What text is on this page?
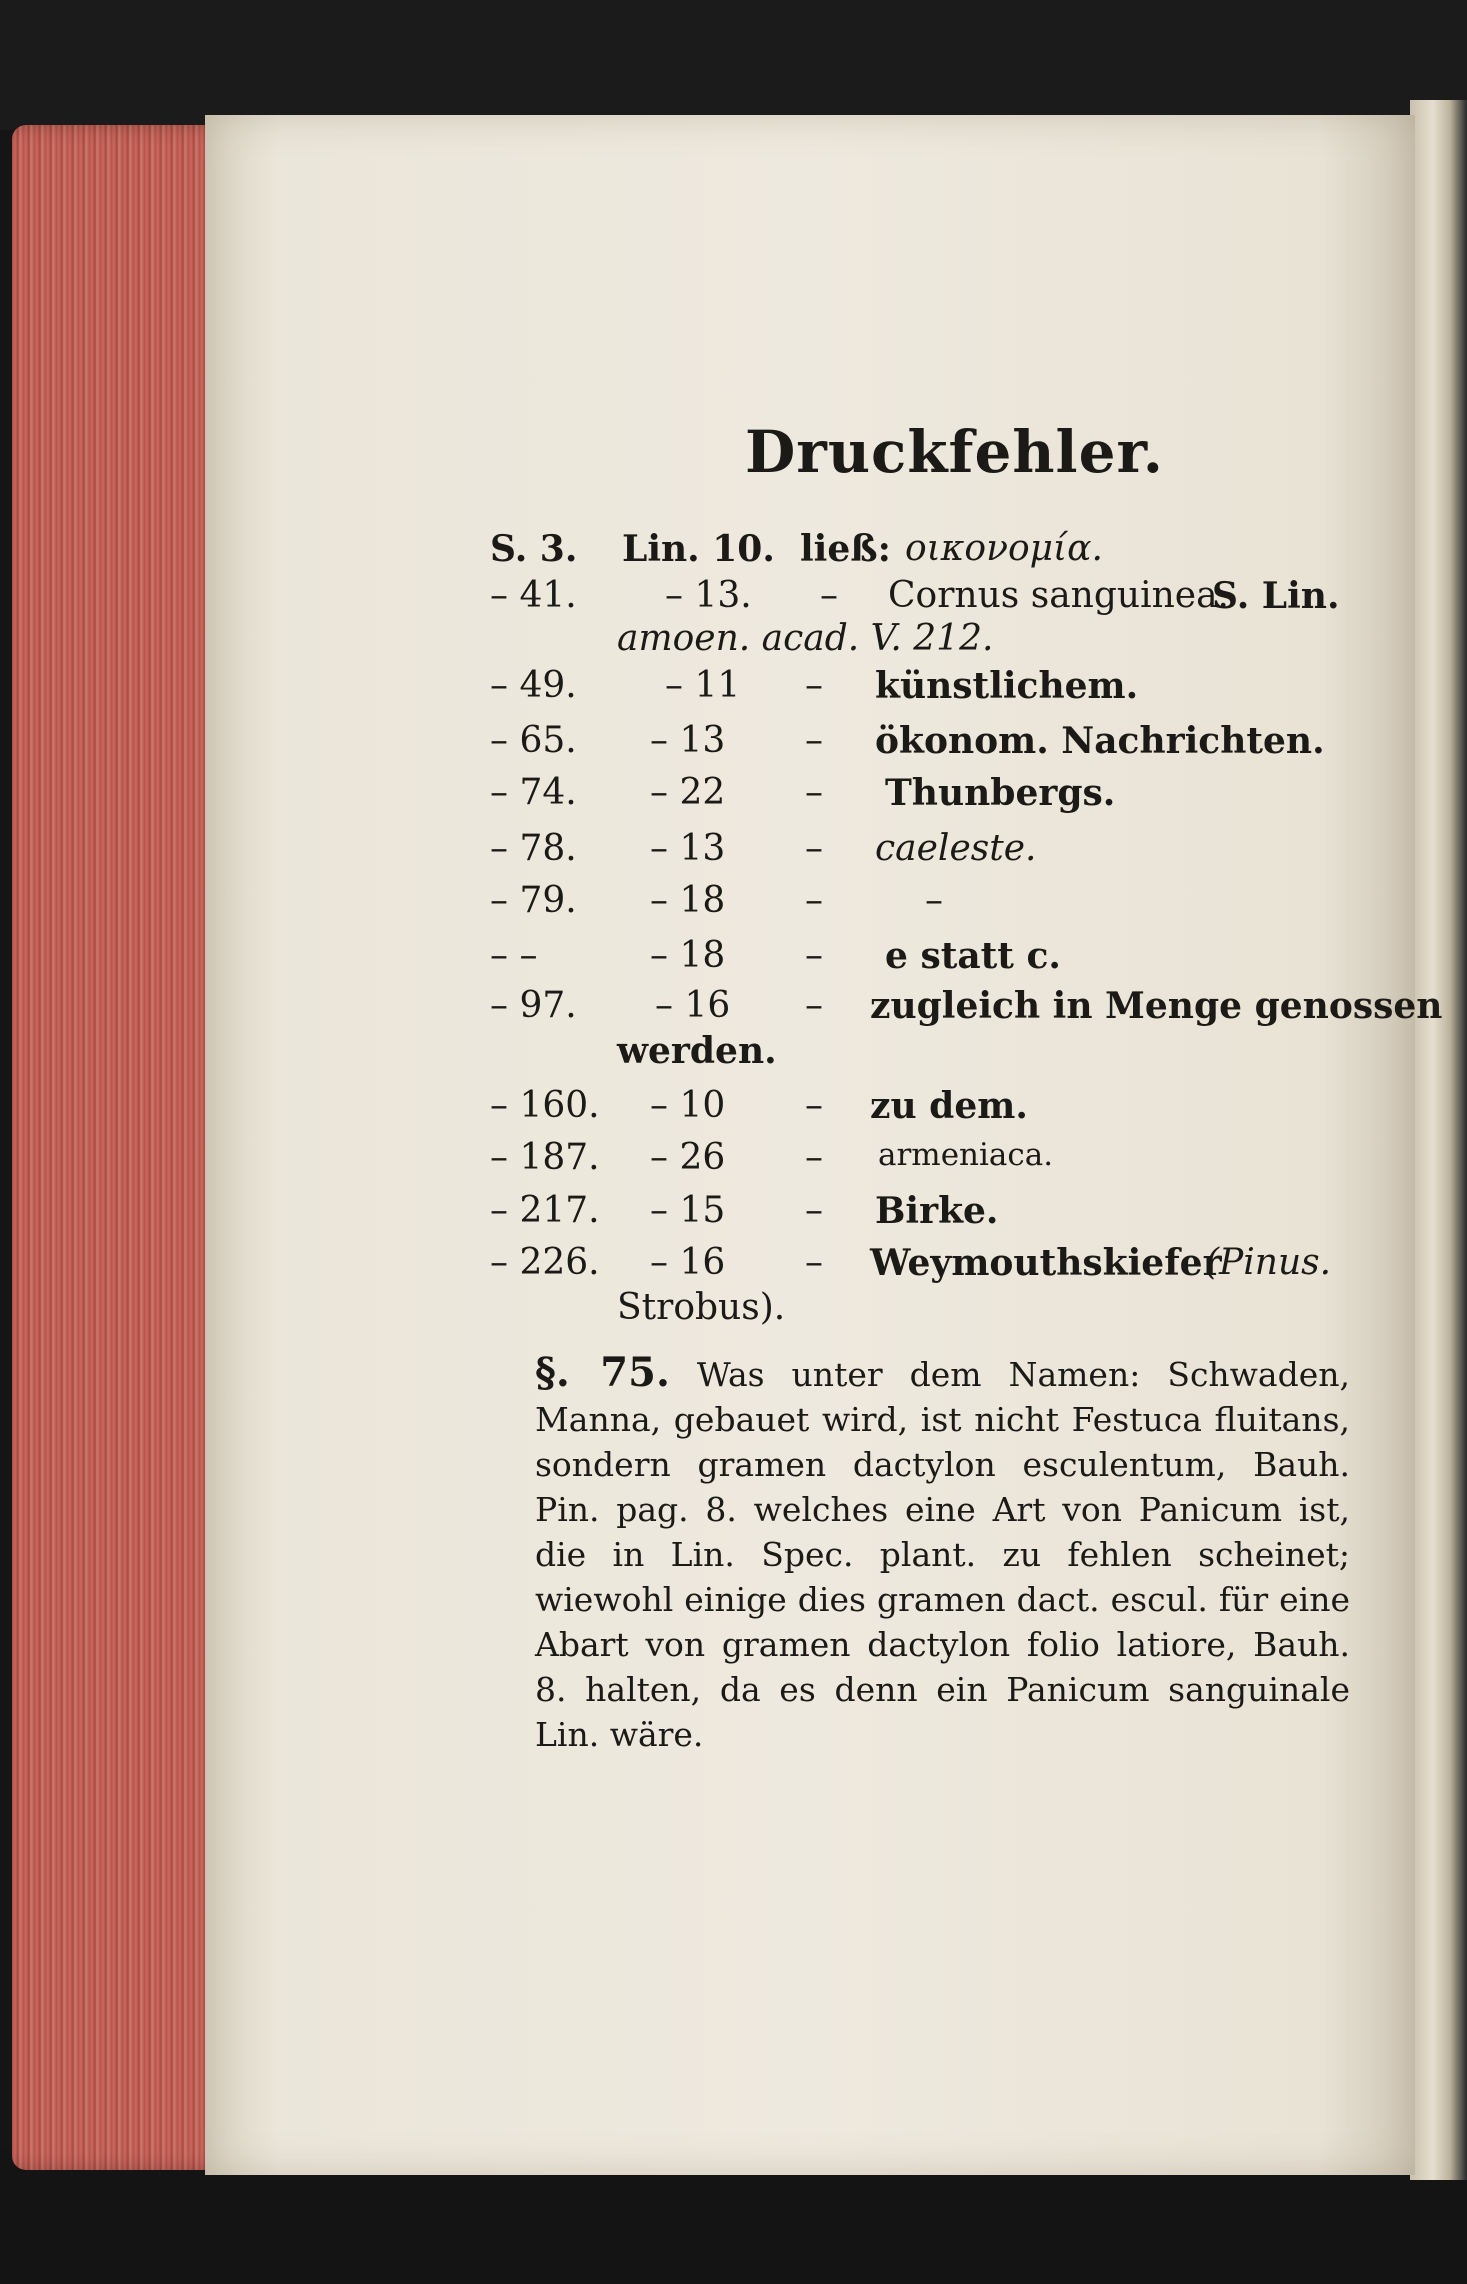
Druckfehler.
S. 3. Lin. 10. ließ: οικονομία.
– 41. – 13. – Cornus sanguinea.
S. Lin.
amoen. acad. V. 212.
– 49. – 11 – künstlichem.
– 65. – 13 – ökonom. Nachrichten.
– 74. – 22 – Thunbergs.
– 78. – 13 – caeleste.
– 79. – 18 –	–
– –	– 18 – e statt c.
– 97. – 16 – zugleich in Menge genossen
werden.
– 160. – 10 – zu dem.
– 187. – 26 – armeniaca.
– 217. – 15 – Birke.
– 226. – 16 – Weymouthskiefer
(Pinus.
Strobus).

§. 75. Was unter dem Namen: Schwaden, Manna, gebauet wird, ist nicht Festuca fluitans, sondern gramen dactylon esculentum, Bauh. Pin. pag. 8. welches eine Art von Panicum ist, die in Lin. Spec. plant. zu fehlen scheinet; wiewohl einige dies gramen dact. escul. für eine Abart von gramen dactylon folio latiore, Bauh. 8. halten, da es denn ein Panicum sanguinale Lin. wäre.
